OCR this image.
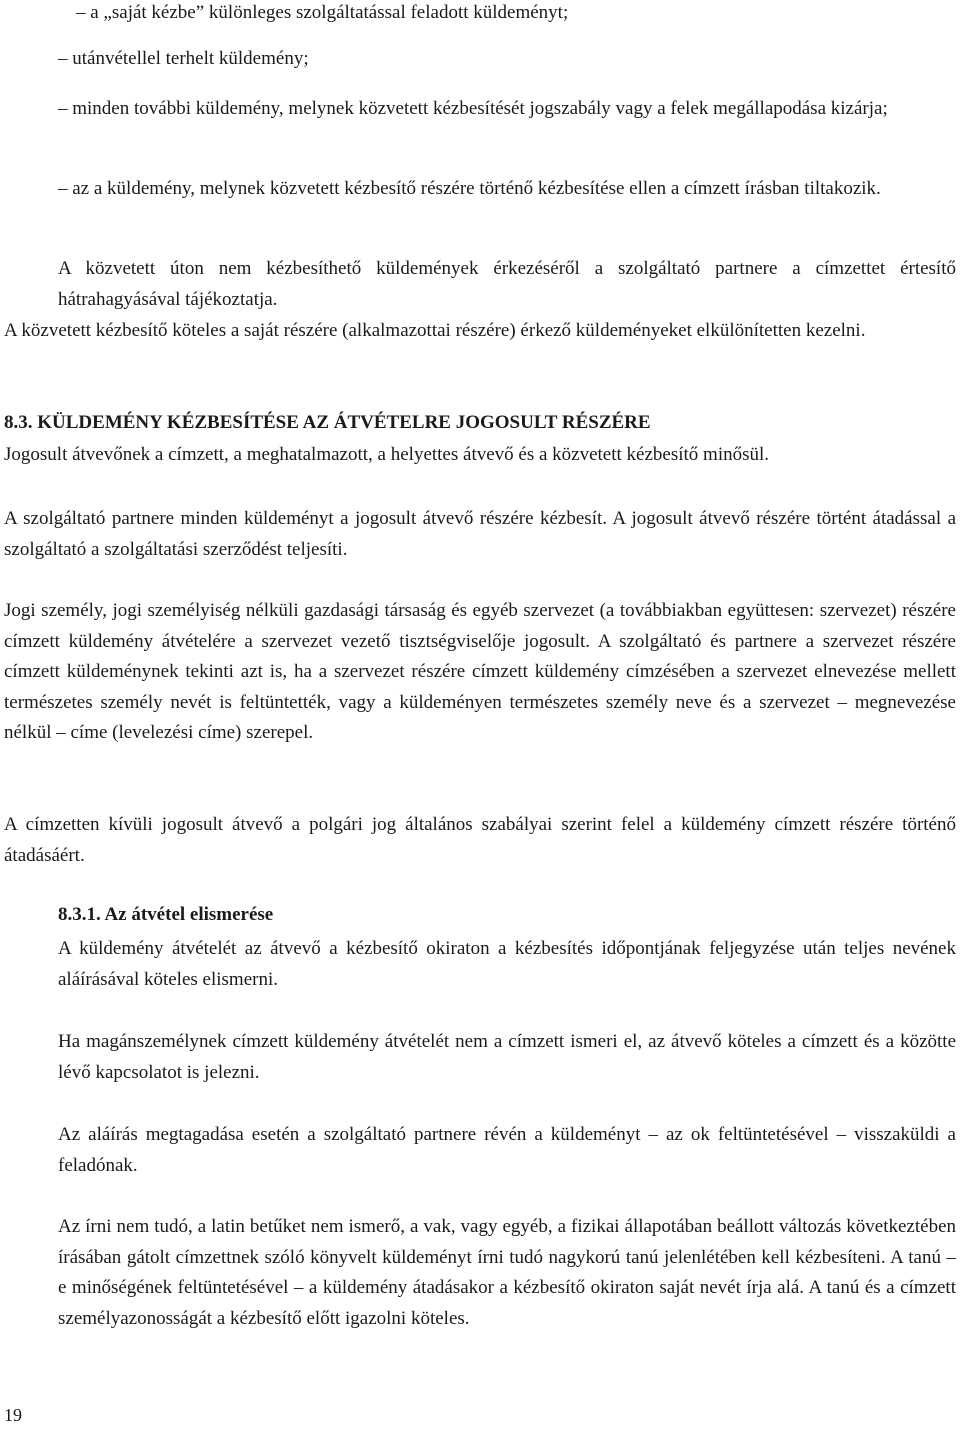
– a „saját kézbe” különleges szolgáltatással feladott küldeményt;

– utánvétellel terhelt küldemény;

– minden további küldemény, melynek közvetett kézbesítését jogszabály vagy a felek megállapodása kizárja;

– az a küldemény, melynek közvetett kézbesítő részére történő kézbesítése ellen a címzett írásban tiltakozik.

A közvetett úton nem kézbesíthető küldemények érkezéséről a szolgáltató partnere a címzettet értesítő hátrahagyásával tájékoztatja.

A közvetett kézbesítő köteles a saját részére (alkalmazottai részére) érkező küldeményeket elkülönítetten kezelni.

8.3. KÜLDEMÉNY KÉZBESÍTÉSE AZ ÁTVÉTELRE JOGOSULT RÉSZÉRE

Jogosult átvevőnek a címzett, a meghatalmazott, a helyettes átvevő és a közvetett kézbesítő minősül.

A szolgáltató partnere minden küldeményt a jogosult átvevő részére kézbesít. A jogosult átvevő részére történt átadással a szolgáltató a szolgáltatási szerződést teljesíti.

Jogi személy, jogi személyiség nélküli gazdasági társaság és egyéb szervezet (a továbbiakban együttesen: szervezet) részére címzett küldemény átvételére a szervezet vezető tisztségviselője jogosult. A szolgáltató és partnere a szervezet részére címzett küldeménynek tekinti azt is, ha a szervezet részére címzett küldemény címzésében a szervezet elnevezése mellett természetes személy nevét is feltüntették, vagy a küldeményen természetes személy neve és a szervezet – megnevezése nélkül – címe (levelezési címe) szerepel.

A címzetten kívüli jogosult átvevő a polgári jog általános szabályai szerint felel a küldemény címzett részére történő átadásáért.

8.3.1. Az átvétel elismerése

A küldemény átvételét az átvevő a kézbesítő okiraton a kézbesítés időpontjának feljegyzése után teljes nevének aláírásával köteles elismerni.

Ha magánszemélynek címzett küldemény átvételét nem a címzett ismeri el, az átvevő köteles a címzett és a közötte lévő kapcsolatot is jelezni.

Az aláírás megtagadása esetén a szolgáltató partnere révén a küldeményt – az ok feltüntetésével – visszaküldi a feladónak.

Az írni nem tudó, a latin betűket nem ismerő, a vak, vagy egyéb, a fizikai állapotában beállott változás következtében írásában gátolt címzettnek szóló könyvelt küldeményt írni tudó nagykorú tanú jelenlétében kell kézbesíteni. A tanú – e minőségének feltüntetésével – a küldemény átadásakor a kézbesítő okiraton saját nevét írja alá. A tanú és a címzett személyazonosságát a kézbesítő előtt igazolni köteles.

19
